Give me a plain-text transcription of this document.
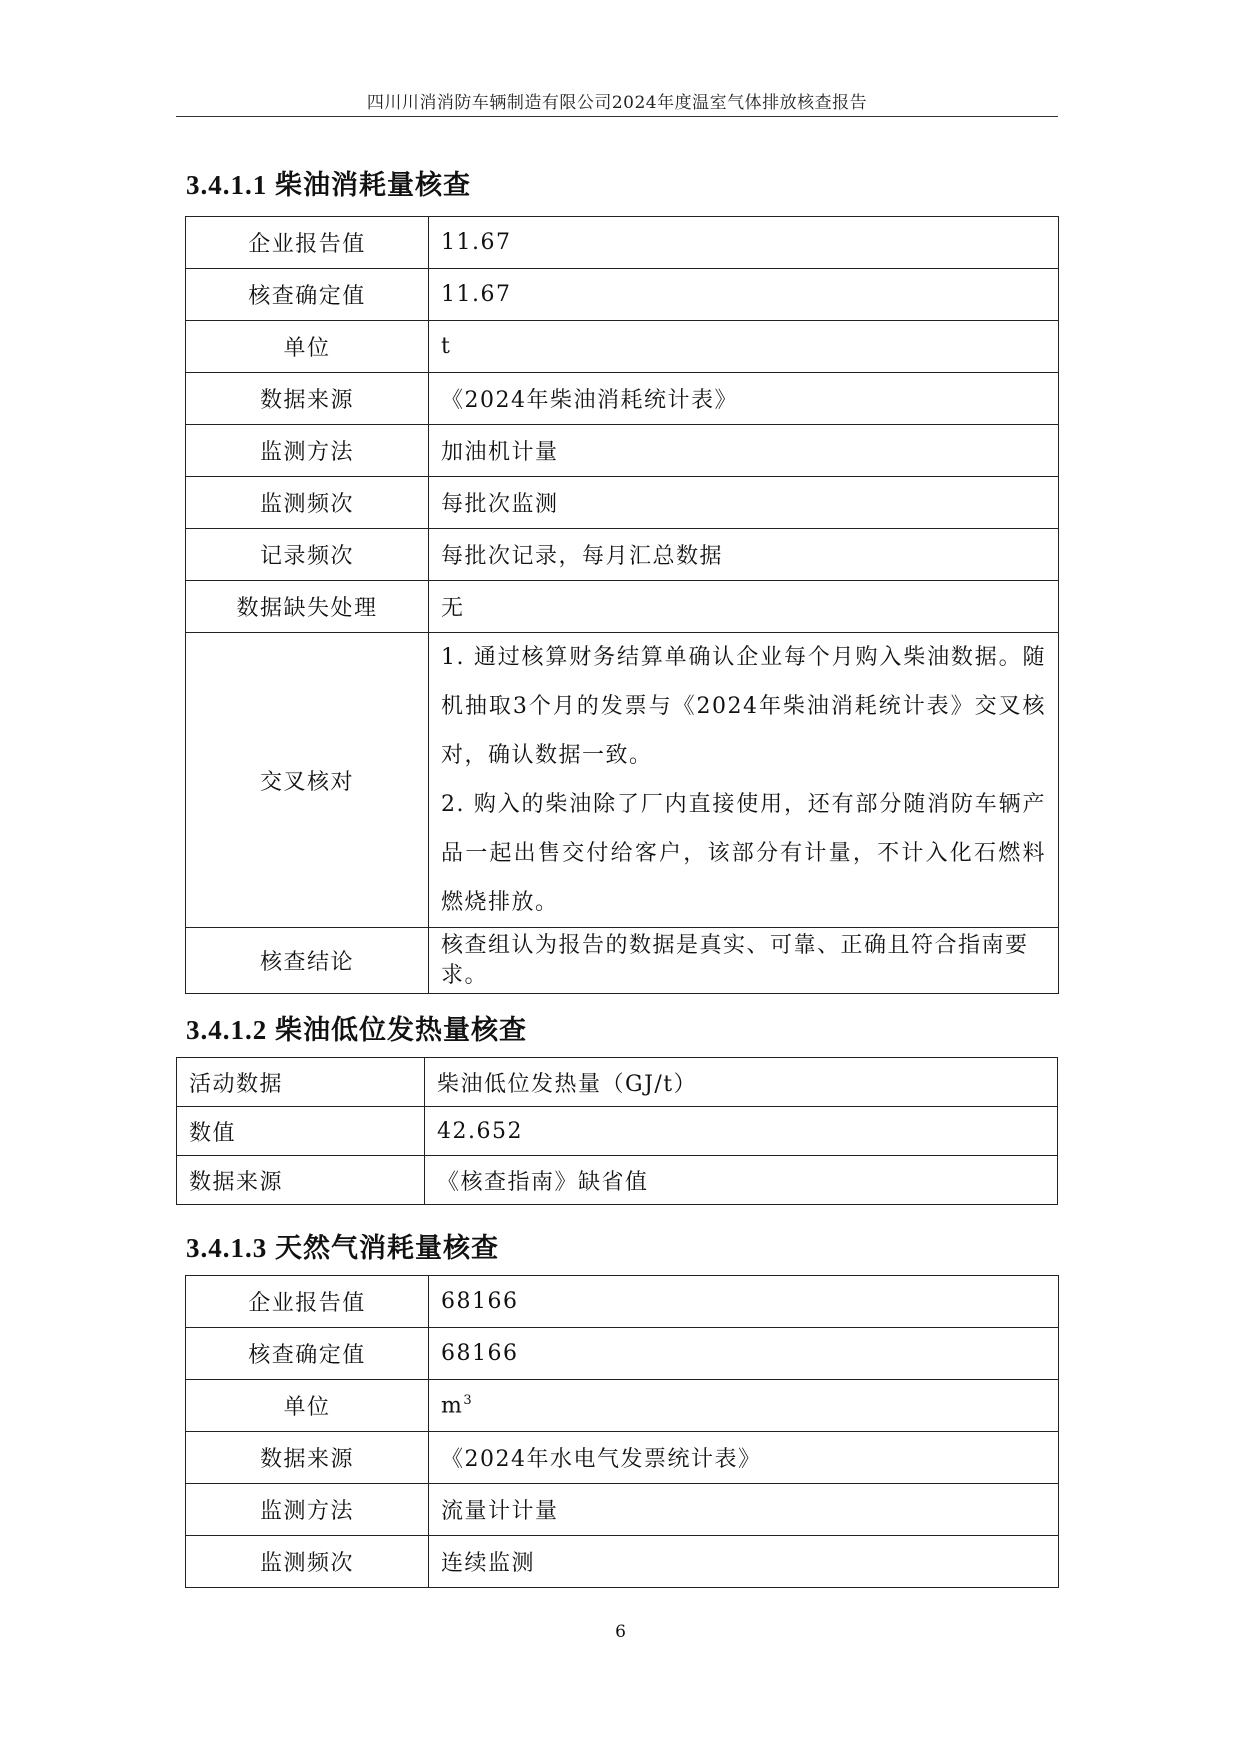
四川川消消防车辆制造有限公司2024年度温室气体排放核查报告
3.4.1.1 柴油消耗量核查
企业报告值	11.67
核查确定值	11.67
单位	t
数据来源	《2024年柴油消耗统计表》
监测方法	加油机计量
监测频次	每批次监测
记录频次	每批次记录，每月汇总数据
数据缺失处理	无
交叉核对	1. 通过核算财务结算单确认企业每个月购入柴油数据。随机抽取3个月的发票与《2024年柴油消耗统计表》交叉核对，确认数据一致。
2. 购入的柴油除了厂内直接使用，还有部分随消防车辆产品一起出售交付给客户，该部分有计量，不计入化石燃料燃烧排放。

核查结论	核查组认为报告的数据是真实、可靠、正确且符合指南要求。
3.4.1.2 柴油低位发热量核查
活动数据	柴油低位发热量（GJ/t）
数值	42.652
数据来源	《核查指南》缺省值
3.4.1.3 天然气消耗量核查
企业报告值	68166
核查确定值	68166
单位	$m^3$
数据来源	《2024年水电气发票统计表》
监测方法	流量计计量
监测频次	连续监测
6
